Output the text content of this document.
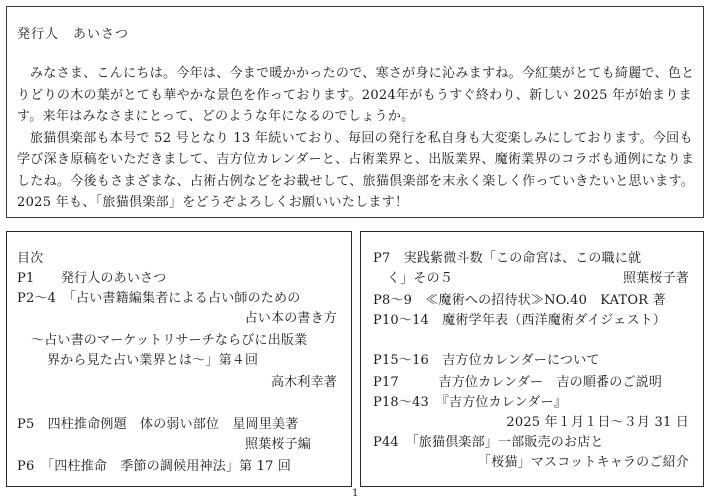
発行人　あいさつ

みなさま、こんにちは。今年は、今まで暖かかったので、寒さが身に沁みますね。今紅葉がとても綺麗で、色とりどりの木の葉がとても華やかな景色を作っております。2024年がもうすぐ終わり、新しい 2025 年が始まります。来年はみなさまにとって、どのような年になるのでしょうか。

旅猫倶楽部も本号で 52 号となり 13 年続いており、毎回の発行を私自身も大変楽しみにしております。今回も学び深き原稿をいただきまして、吉方位カレンダーと、占術業界と、出版業界、魔術業界のコラボも通例になりましたね。今後もさまざまな、占術占例などをお載せして、旅猫倶楽部を末永く楽しく作っていきたいと思います。2025 年も、「旅猫倶楽部」をどうぞよろしくお願いいたします！

目次
P1　　発行人のあいさつ
P2～4　「占い書籍編集者による占い師のための
占い本の書き方
～占い書のマーケットリサーチならびに出版業
界から見た占い業界とは～」第４回
高木利幸著
P5　四柱推命例題　体の弱い部位　星岡里美著
照葉桜子編
P6　「四柱推命　季節の調候用神法」第 17 回
P7　実践紫微斗数「この命宮は、この職に就
く」その５	照葉桜子著
P8～9　≪魔術への招待状≫NO.40　KATOR 著
P10～14　魔術学年表（西洋魔術ダイジェスト）
P15～16　吉方位カレンダーについて
P17　　　吉方位カレンダー　吉の順番のご説明
P18～43　『吉方位カレンダー』
2025 年１月１日～３月 31 日
P44　「旅猫倶楽部」一部販売のお店と
「桜猫」マスコットキャラのご紹介
1
